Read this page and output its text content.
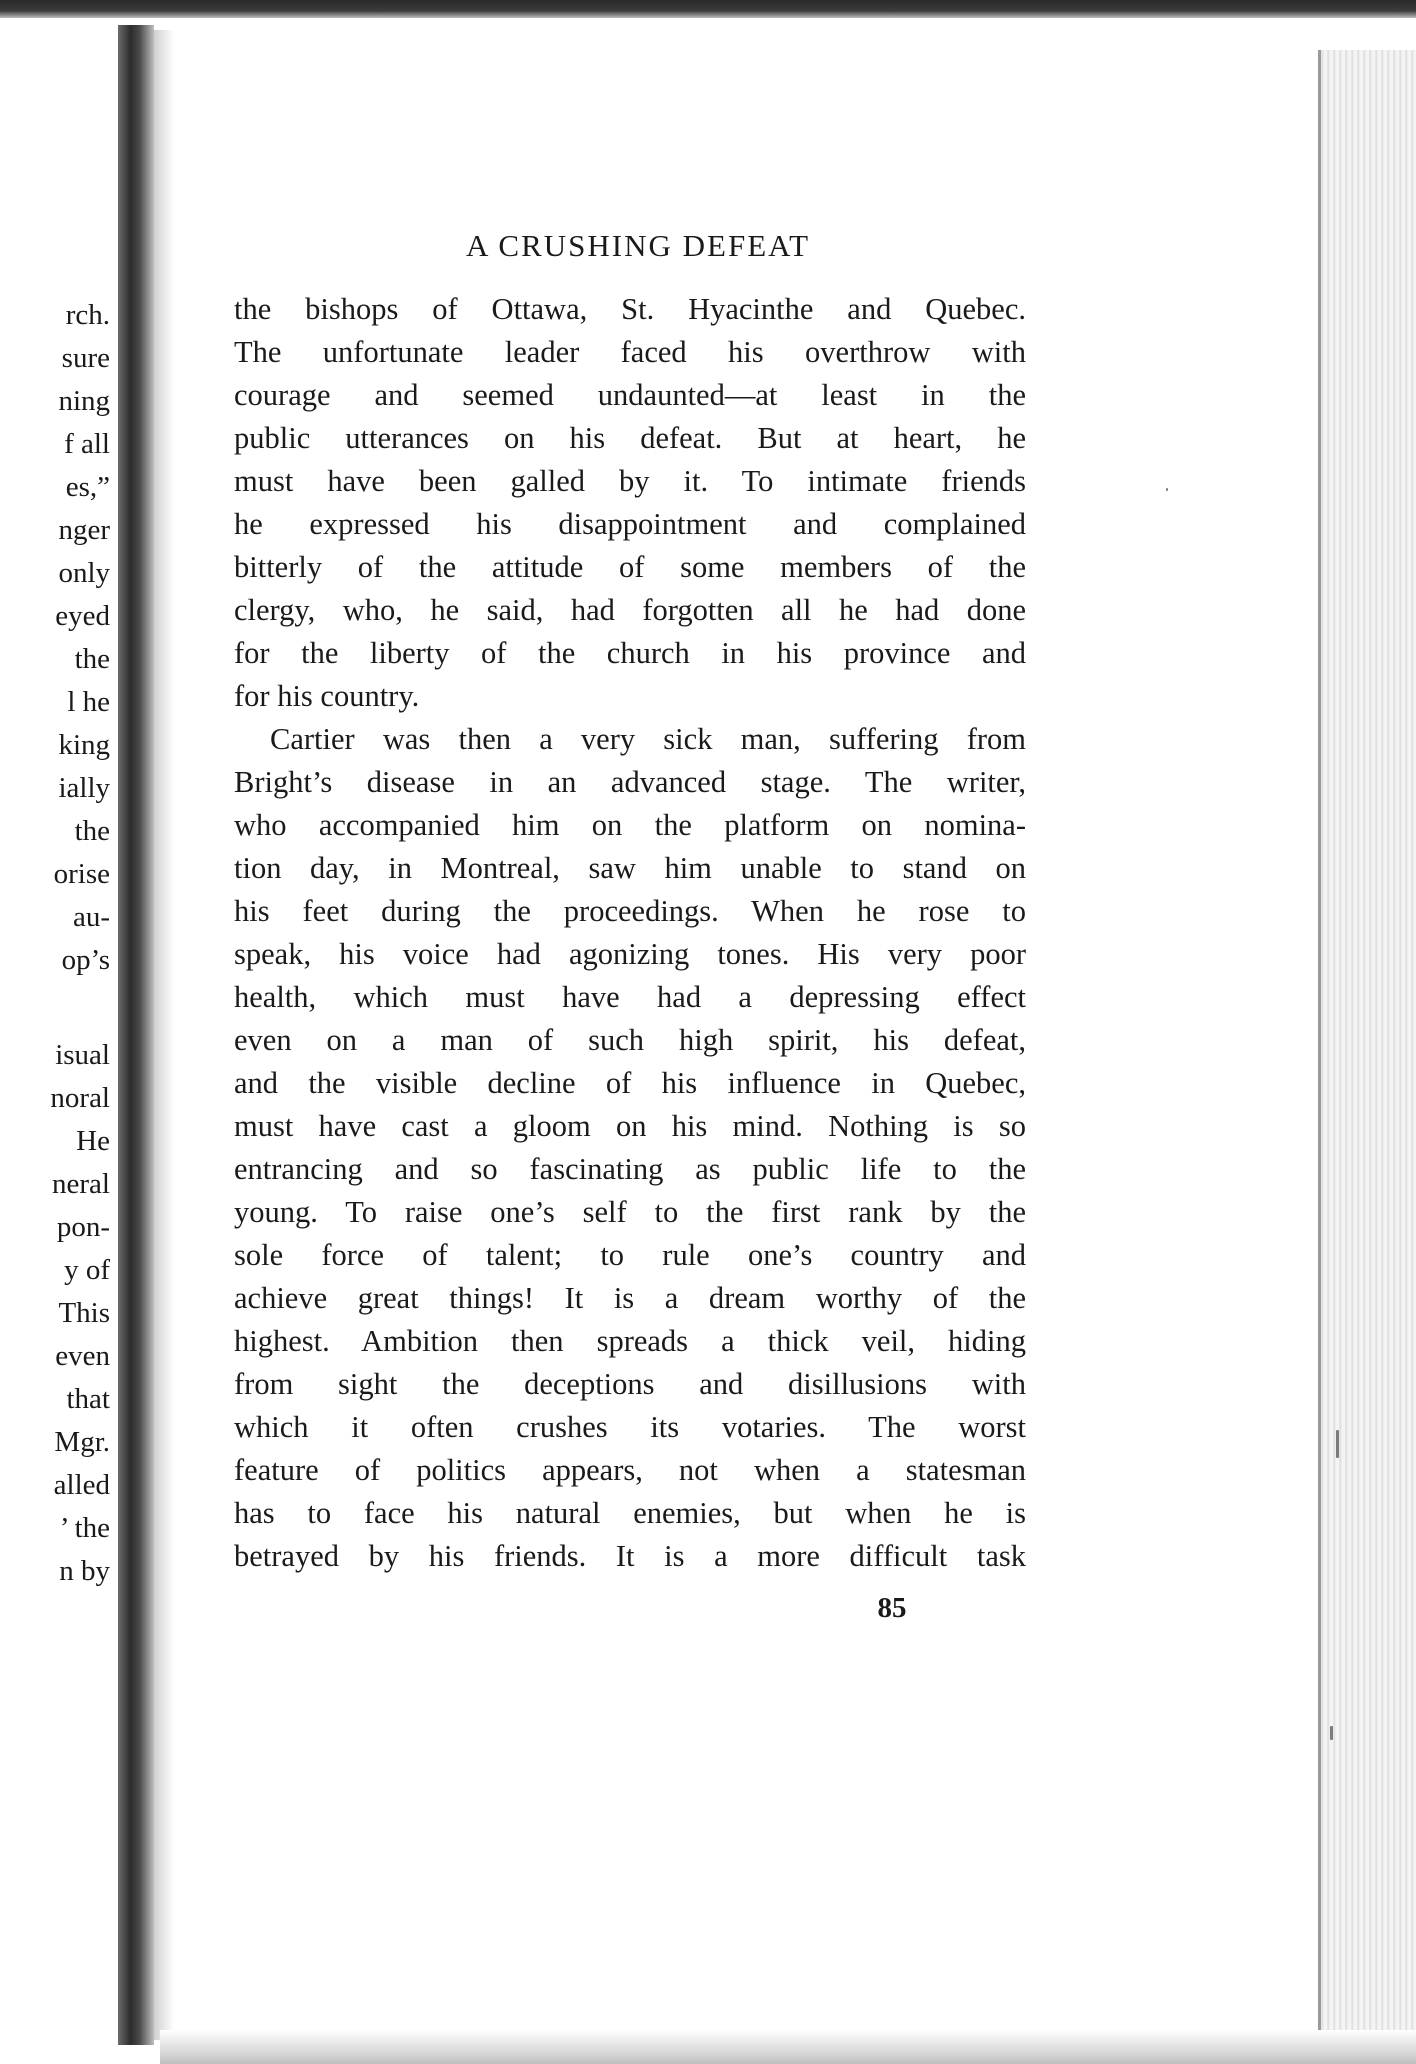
rch.
sure
ning
f all
es,”
nger
only
eyed
the
l he
king
ially
the
orise
au-
op’s
isual
noral
He
neral
pon-
y of
This
even
that
Mgr.
alled
’ the
n by
A CRUSHING DEFEAT
the bishops of Ottawa, St. Hyacinthe and Quebec.
The unfortunate leader faced his overthrow with
courage and seemed undaunted—at least in the
public utterances on his defeat. But at heart, he
must have been galled by it. To intimate friends
he expressed his disappointment and complained
bitterly of the attitude of some members of the
clergy, who, he said, had forgotten all he had done
for the liberty of the church in his province and
for his country.
Cartier was then a very sick man, suffering from
Bright’s disease in an advanced stage. The writer,
who accompanied him on the platform on nomina-
tion day, in Montreal, saw him unable to stand on
his feet during the proceedings. When he rose to
speak, his voice had agonizing tones. His very poor
health, which must have had a depressing effect
even on a man of such high spirit, his defeat,
and the visible decline of his influence in Quebec,
must have cast a gloom on his mind. Nothing is so
entrancing and so fascinating as public life to the
young. To raise one’s self to the first rank by the
sole force of talent; to rule one’s country and
achieve great things! It is a dream worthy of the
highest. Ambition then spreads a thick veil, hiding
from sight the deceptions and disillusions with
which it often crushes its votaries. The worst
feature of politics appears, not when a statesman
has to face his natural enemies, but when he is
betrayed by his friends. It is a more difficult task
85
